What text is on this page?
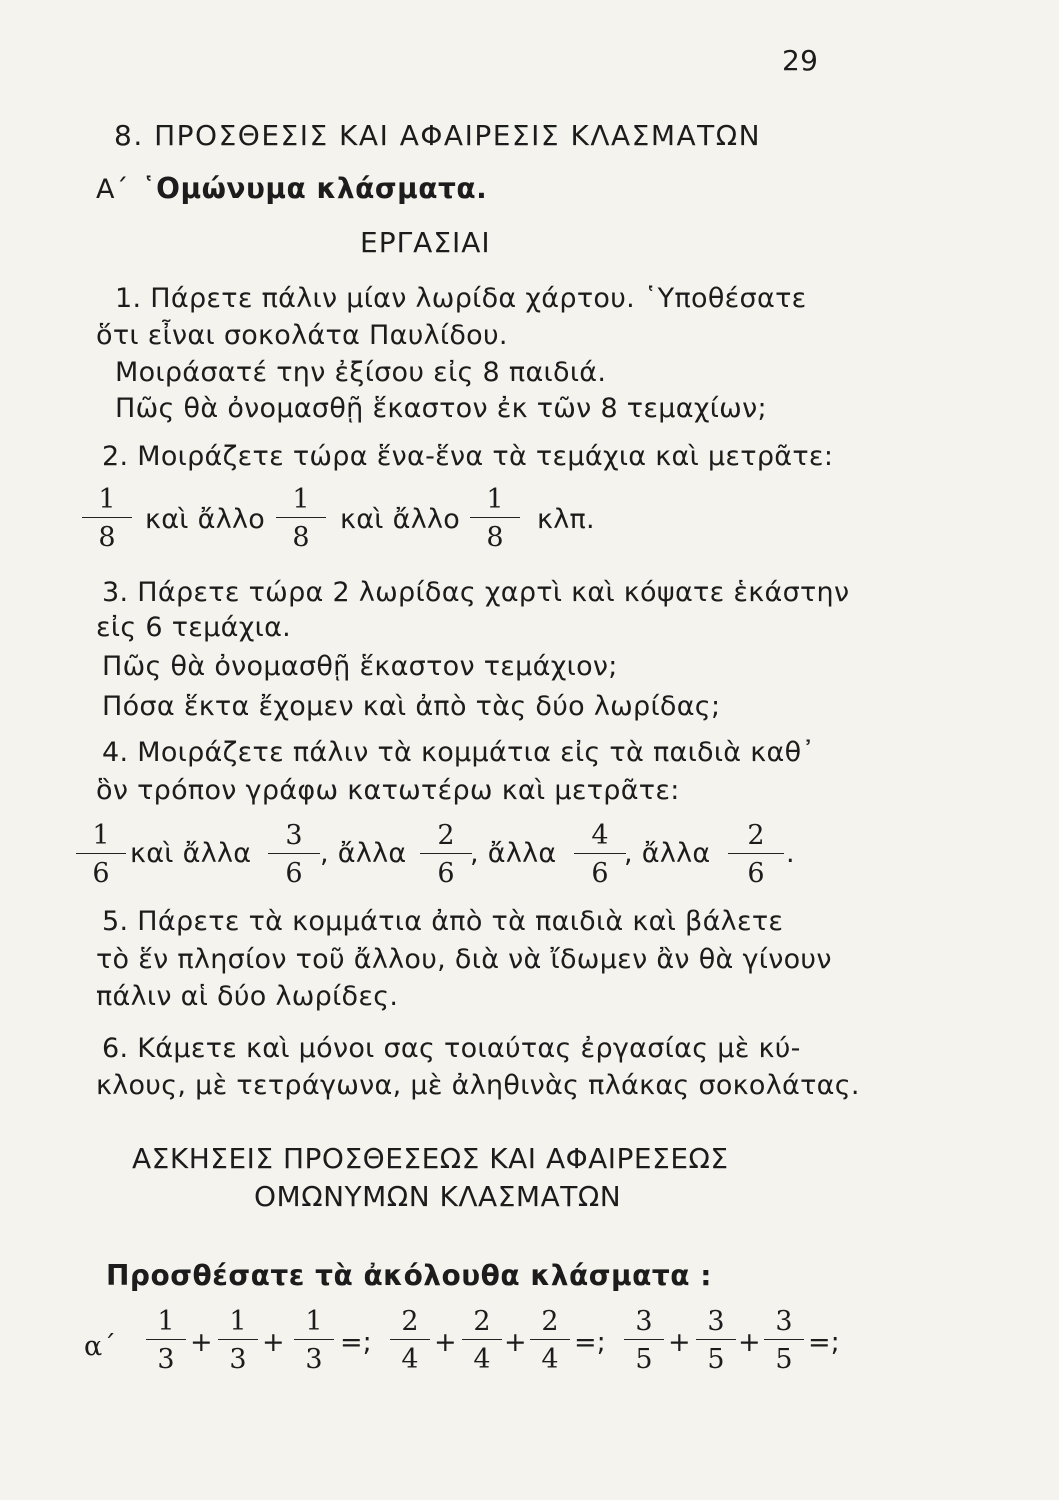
29
8. ΠΡΟΣΘΕΣΙΣ ΚΑΙ ΑΦΑΙΡΕΣΙΣ ΚΛΑΣΜΑΤΩΝ
Α΄ ῾Ομώνυμα κλάσματα.
ΕΡΓΑΣΙΑΙ
1. Πάρετε πάλιν μίαν λωρίδα χάρτου. ῾Υποθέσατε
ὅτι εἶναι σοκολάτα Παυλίδου.
Μοιράσατέ την ἐξίσου εἰς 8 παιδιά.
Πῶς θὰ ὀνομασθῇ ἕκαστον ἐκ τῶν 8 τεμαχίων;
2. Μοιράζετε τώρα ἕνα-ἕνα τὰ τεμάχια καὶ μετρᾶτε:
1
8
καὶ ἄλλο
1
8
καὶ ἄλλο
1
8
κλπ.
3. Πάρετε τώρα 2 λωρίδας χαρτὶ καὶ κόψατε ἑκάστην
εἰς 6 τεμάχια.
Πῶς θὰ ὀνομασθῇ ἕκαστον τεμάχιον;
Πόσα ἕκτα ἔχομεν καὶ ἀπὸ τὰς δύο λωρίδας;
4. Μοιράζετε πάλιν τὰ κομμάτια εἰς τὰ παιδιὰ καθ᾿
ὃν τρόπον γράφω κατωτέρω καὶ μετρᾶτε:
1
6
καὶ ἄλλα
3
6
, ἄλλα
2
6
, ἄλλα
4
6
, ἄλλα
2
6
.
5. Πάρετε τὰ κομμάτια ἀπὸ τὰ παιδιὰ καὶ βάλετε
τὸ ἕν πλησίον τοῦ ἄλλου, διὰ νὰ ἴδωμεν ἂν θὰ γίνουν
πάλιν αἱ δύο λωρίδες.
6. Κάμετε καὶ μόνοι σας τοιαύτας ἐργασίας μὲ κύ-
κλους, μὲ τετράγωνα, μὲ ἀληθινὰς πλάκας σοκολάτας.
ΑΣΚΗΣΕΙΣ ΠΡΟΣΘΕΣΕΩΣ ΚΑΙ ΑΦΑΙΡΕΣΕΩΣ
ΟΜΩΝΥΜΩΝ ΚΛΑΣΜΑΤΩΝ
Προσθέσατε τὰ ἀκόλουθα κλάσματα :
α΄
1
3
+
1
3
+
1
3
=;
2
4
+
2
4
+
2
4
=;
3
5
+
3
5
+
3
5
=;
